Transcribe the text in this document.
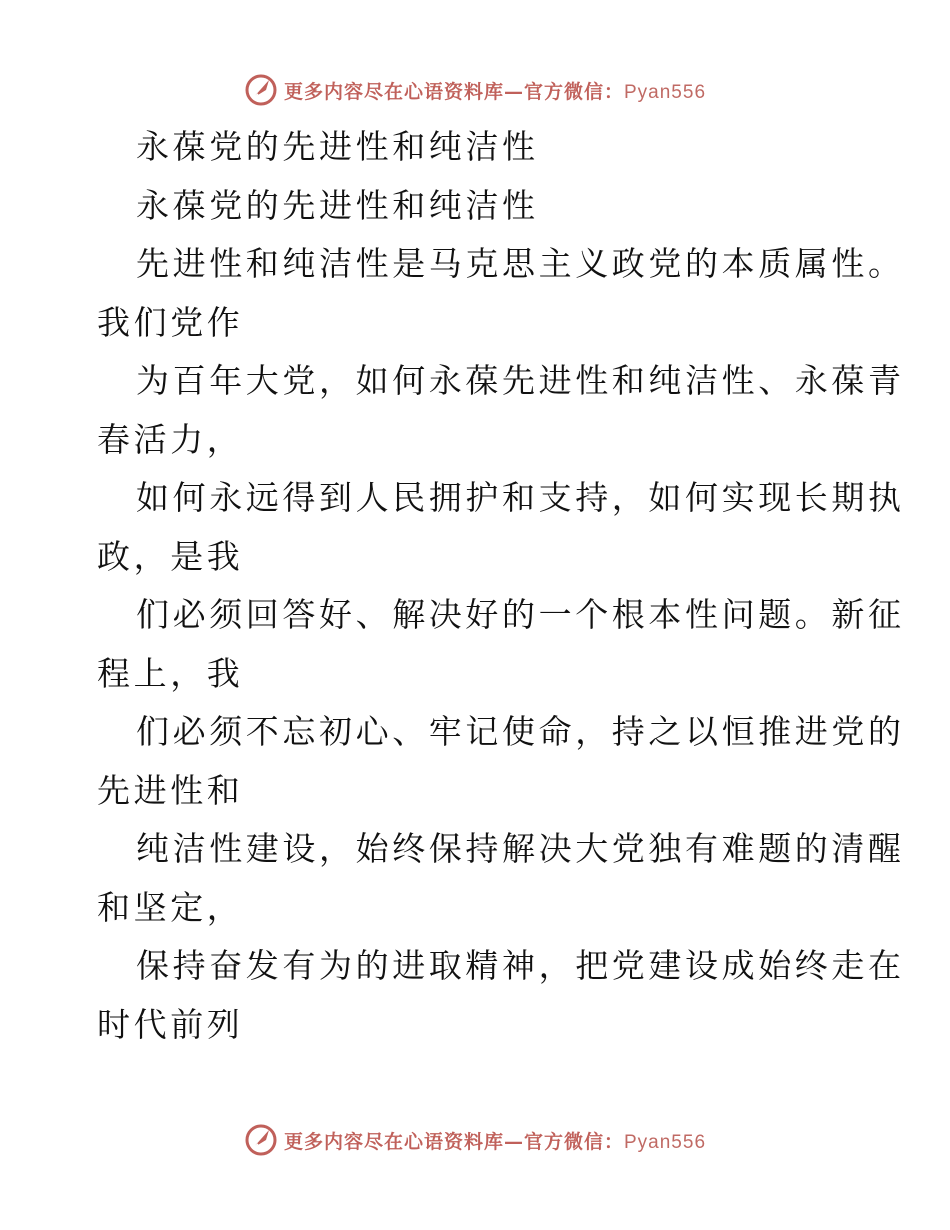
更多内容尽在心语资料库—官方微信：Pyan556
永葆党的先进性和纯洁性
永葆党的先进性和纯洁性
先进性和纯洁性是马克思主义政党的本质属性。
我们党作
为百年大党，如何永葆先进性和纯洁性、永葆青
春活力，
如何永远得到人民拥护和支持，如何实现长期执
政，是我
们必须回答好、解决好的一个根本性问题。新征
程上，我
们必须不忘初心、牢记使命，持之以恒推进党的
先进性和
纯洁性建设，始终保持解决大党独有难题的清醒
和坚定，
保持奋发有为的进取精神，把党建设成始终走在
时代前列
更多内容尽在心语资料库—官方微信：Pyan556
